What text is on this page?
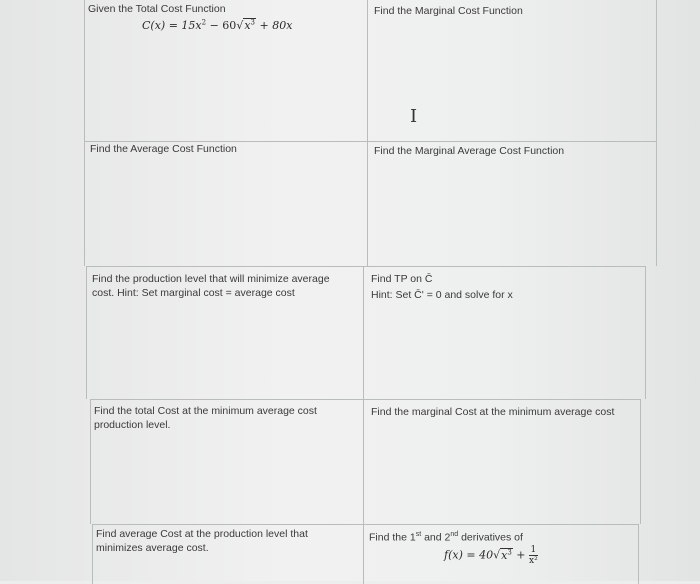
Given the Total Cost Function
$C(x) = 15x^2 - 60√x^3 + 80x$
Find the Marginal Cost Function
I
Find the Average Cost Function	Find the Marginal Average Cost Function
Find the production level that will minimize average
cost. Hint: Set marginal cost = average cost
Find TP on C̄
Hint: Set C̄' = 0 and solve for x
Find the total Cost at the minimum average cost
production level.
Find the marginal Cost at the minimum average cost
Find average Cost at the production level that
minimizes average cost.
Find the 1st and 2nd derivatives of
$f(x) = 40√x^3 + \frac{1}{\text{x²}}$
